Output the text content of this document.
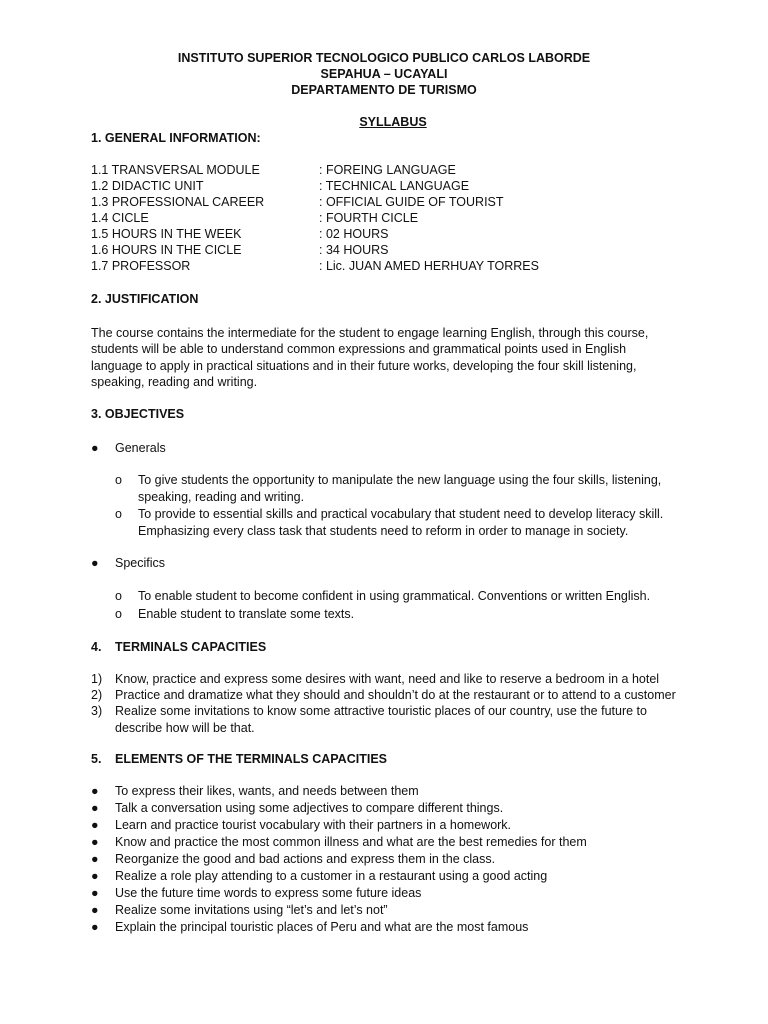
INSTITUTO SUPERIOR TECNOLOGICO PUBLICO CARLOS LABORDE
SEPAHUA – UCAYALI
DEPARTAMENTO DE TURISMO
SYLLABUS
1. GENERAL INFORMATION:
1.1 TRANSVERSAL MODULE	: FOREING LANGUAGE
1.2 DIDACTIC UNIT	: TECHNICAL LANGUAGE
1.3 PROFESSIONAL CAREER	: OFFICIAL GUIDE OF TOURIST
1.4 CICLE	: FOURTH CICLE
1.5 HOURS IN THE WEEK	: 02 HOURS
1.6 HOURS IN THE CICLE	: 34 HOURS
1.7 PROFESSOR	: Lic. JUAN AMED HERHUAY TORRES
2. JUSTIFICATION
The course contains the intermediate for the student to engage learning English, through this course,
students will be able to understand common expressions and grammatical points used in English
language to apply in practical situations and in their future works, developing the four skill listening,
speaking, reading and writing.
3. OBJECTIVES
● Generals
o To give students the opportunity to manipulate the new language using the four skills, listening,
speaking, reading and writing.
o To provide to essential skills and practical vocabulary that student need to develop literacy skill.
Emphasizing every class task that students need to reform in order to manage in society.
● Specifics
o To enable student to become confident in using grammatical. Conventions or written English.
o Enable student to translate some texts.
4. TERMINALS CAPACITIES
1) Know, practice and express some desires with want, need and like to reserve a bedroom in a hotel
2) Practice and dramatize what they should and shouldn’t do at the restaurant or to attend to a customer
3) Realize some invitations to know some attractive touristic places of our country, use the future to
describe how will be that.
5. ELEMENTS OF THE TERMINALS CAPACITIES
● To express their likes, wants, and needs between them
● Talk a conversation using some adjectives to compare different things.
● Learn and practice tourist vocabulary with their partners in a homework.
● Know and practice the most common illness and what are the best remedies for them
● Reorganize the good and bad actions and express them in the class.
● Realize a role play attending to a customer in a restaurant using a good acting
● Use the future time words to express some future ideas
● Realize some invitations using “let’s and let’s not”
● Explain the principal touristic places of Peru and what are the most famous
